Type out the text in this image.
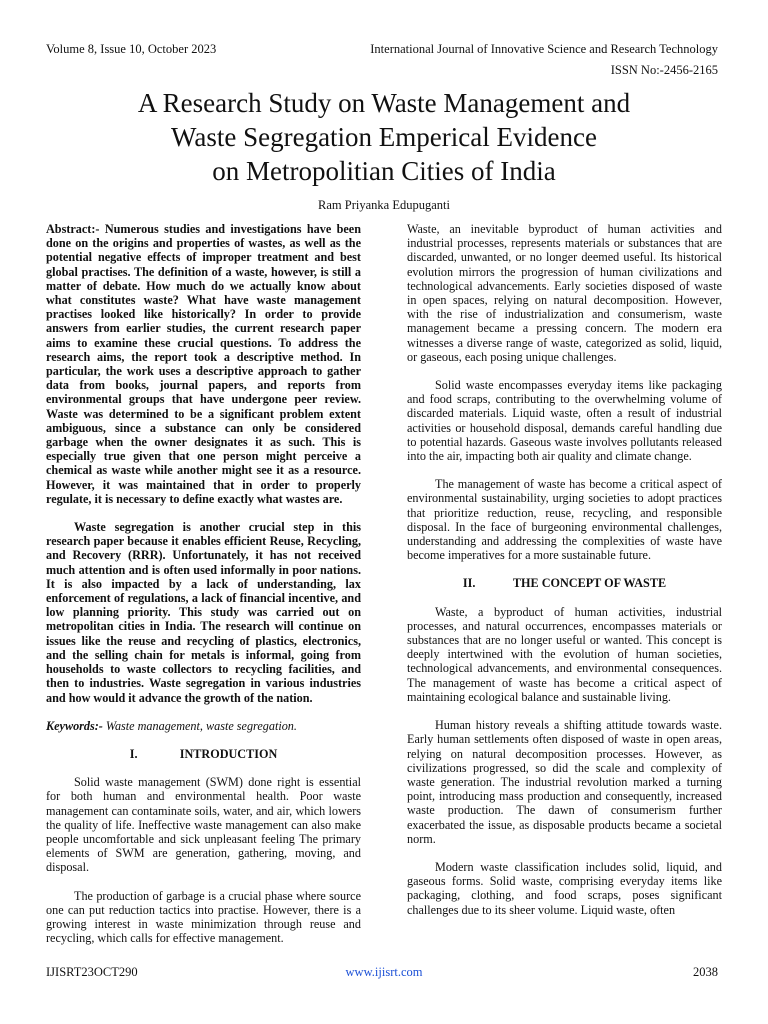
Volume 8, Issue 10, October 2023	International Journal of Innovative Science and Research Technology
ISSN No:-2456-2165
A Research Study on Waste Management and
Waste Segregation Emperical Evidence
on Metropolitian Cities of India
Ram Priyanka Edupuganti

Abstract:- Numerous studies and investigations have been done on the origins and properties of wastes, as well as the potential negative effects of improper treatment and best global practises. The definition of a waste, however, is still a matter of debate. How much do we actually know about what constitutes waste? What have waste management practises looked like historically? In order to provide answers from earlier studies, the current research paper aims to examine these crucial questions. To address the research aims, the report took a descriptive method. In particular, the work uses a descriptive approach to gather data from books, journal papers, and reports from environmental groups that have undergone peer review. Waste was determined to be a significant problem extent ambiguous, since a substance can only be considered garbage when the owner designates it as such. This is especially true given that one person might perceive a chemical as waste while another might see it as a resource. However, it was maintained that in order to properly regulate, it is necessary to define exactly what wastes are.

Waste segregation is another crucial step in this research paper because it enables efficient Reuse, Recycling, and Recovery (RRR). Unfortunately, it has not received much attention and is often used informally in poor nations. It is also impacted by a lack of understanding, lax enforcement of regulations, a lack of financial incentive, and low planning priority. This study was carried out on metropolitan cities in India. The research will continue on issues like the reuse and recycling of plastics, electronics, and the selling chain for metals is informal, going from households to waste collectors to recycling facilities, and then to industries. Waste segregation in various industries and how would it advance the growth of the nation.

Keywords:- Waste management, waste segregation.

I.	INTRODUCTION

Solid waste management (SWM) done right is essential for both human and environmental health. Poor waste management can contaminate soils, water, and air, which lowers the quality of life. Ineffective waste management can also make people uncomfortable and sick unpleasant feeling The primary elements of SWM are generation, gathering, moving, and disposal.

The production of garbage is a crucial phase where source one can put reduction tactics into practise. However, there is a growing interest in waste minimization through reuse and recycling, which calls for effective management.

Waste, an inevitable byproduct of human activities and industrial processes, represents materials or substances that are discarded, unwanted, or no longer deemed useful. Its historical evolution mirrors the progression of human civilizations and technological advancements. Early societies disposed of waste in open spaces, relying on natural decomposition. However, with the rise of industrialization and consumerism, waste management became a pressing concern. The modern era witnesses a diverse range of waste, categorized as solid, liquid, or gaseous, each posing unique challenges.

Solid waste encompasses everyday items like packaging and food scraps, contributing to the overwhelming volume of discarded materials. Liquid waste, often a result of industrial activities or household disposal, demands careful handling due to potential hazards. Gaseous waste involves pollutants released into the air, impacting both air quality and climate change.

The management of waste has become a critical aspect of environmental sustainability, urging societies to adopt practices that prioritize reduction, reuse, recycling, and responsible disposal. In the face of burgeoning environmental challenges, understanding and addressing the complexities of waste have become imperatives for a more sustainable future.

II.	THE CONCEPT OF WASTE

Waste, a byproduct of human activities, industrial processes, and natural occurrences, encompasses materials or substances that are no longer useful or wanted. This concept is deeply intertwined with the evolution of human societies, technological advancements, and environmental consequences. The management of waste has become a critical aspect of maintaining ecological balance and sustainable living.

Human history reveals a shifting attitude towards waste. Early human settlements often disposed of waste in open areas, relying on natural decomposition processes. However, as civilizations progressed, so did the scale and complexity of waste generation. The industrial revolution marked a turning point, introducing mass production and consequently, increased waste production. The dawn of consumerism further exacerbated the issue, as disposable products became a societal norm.

Modern waste classification includes solid, liquid, and gaseous forms. Solid waste, comprising everyday items like packaging, clothing, and food scraps, poses significant challenges due to its sheer volume. Liquid waste, often

IJISRT23OCT290	www.ijisrt.com	2038
